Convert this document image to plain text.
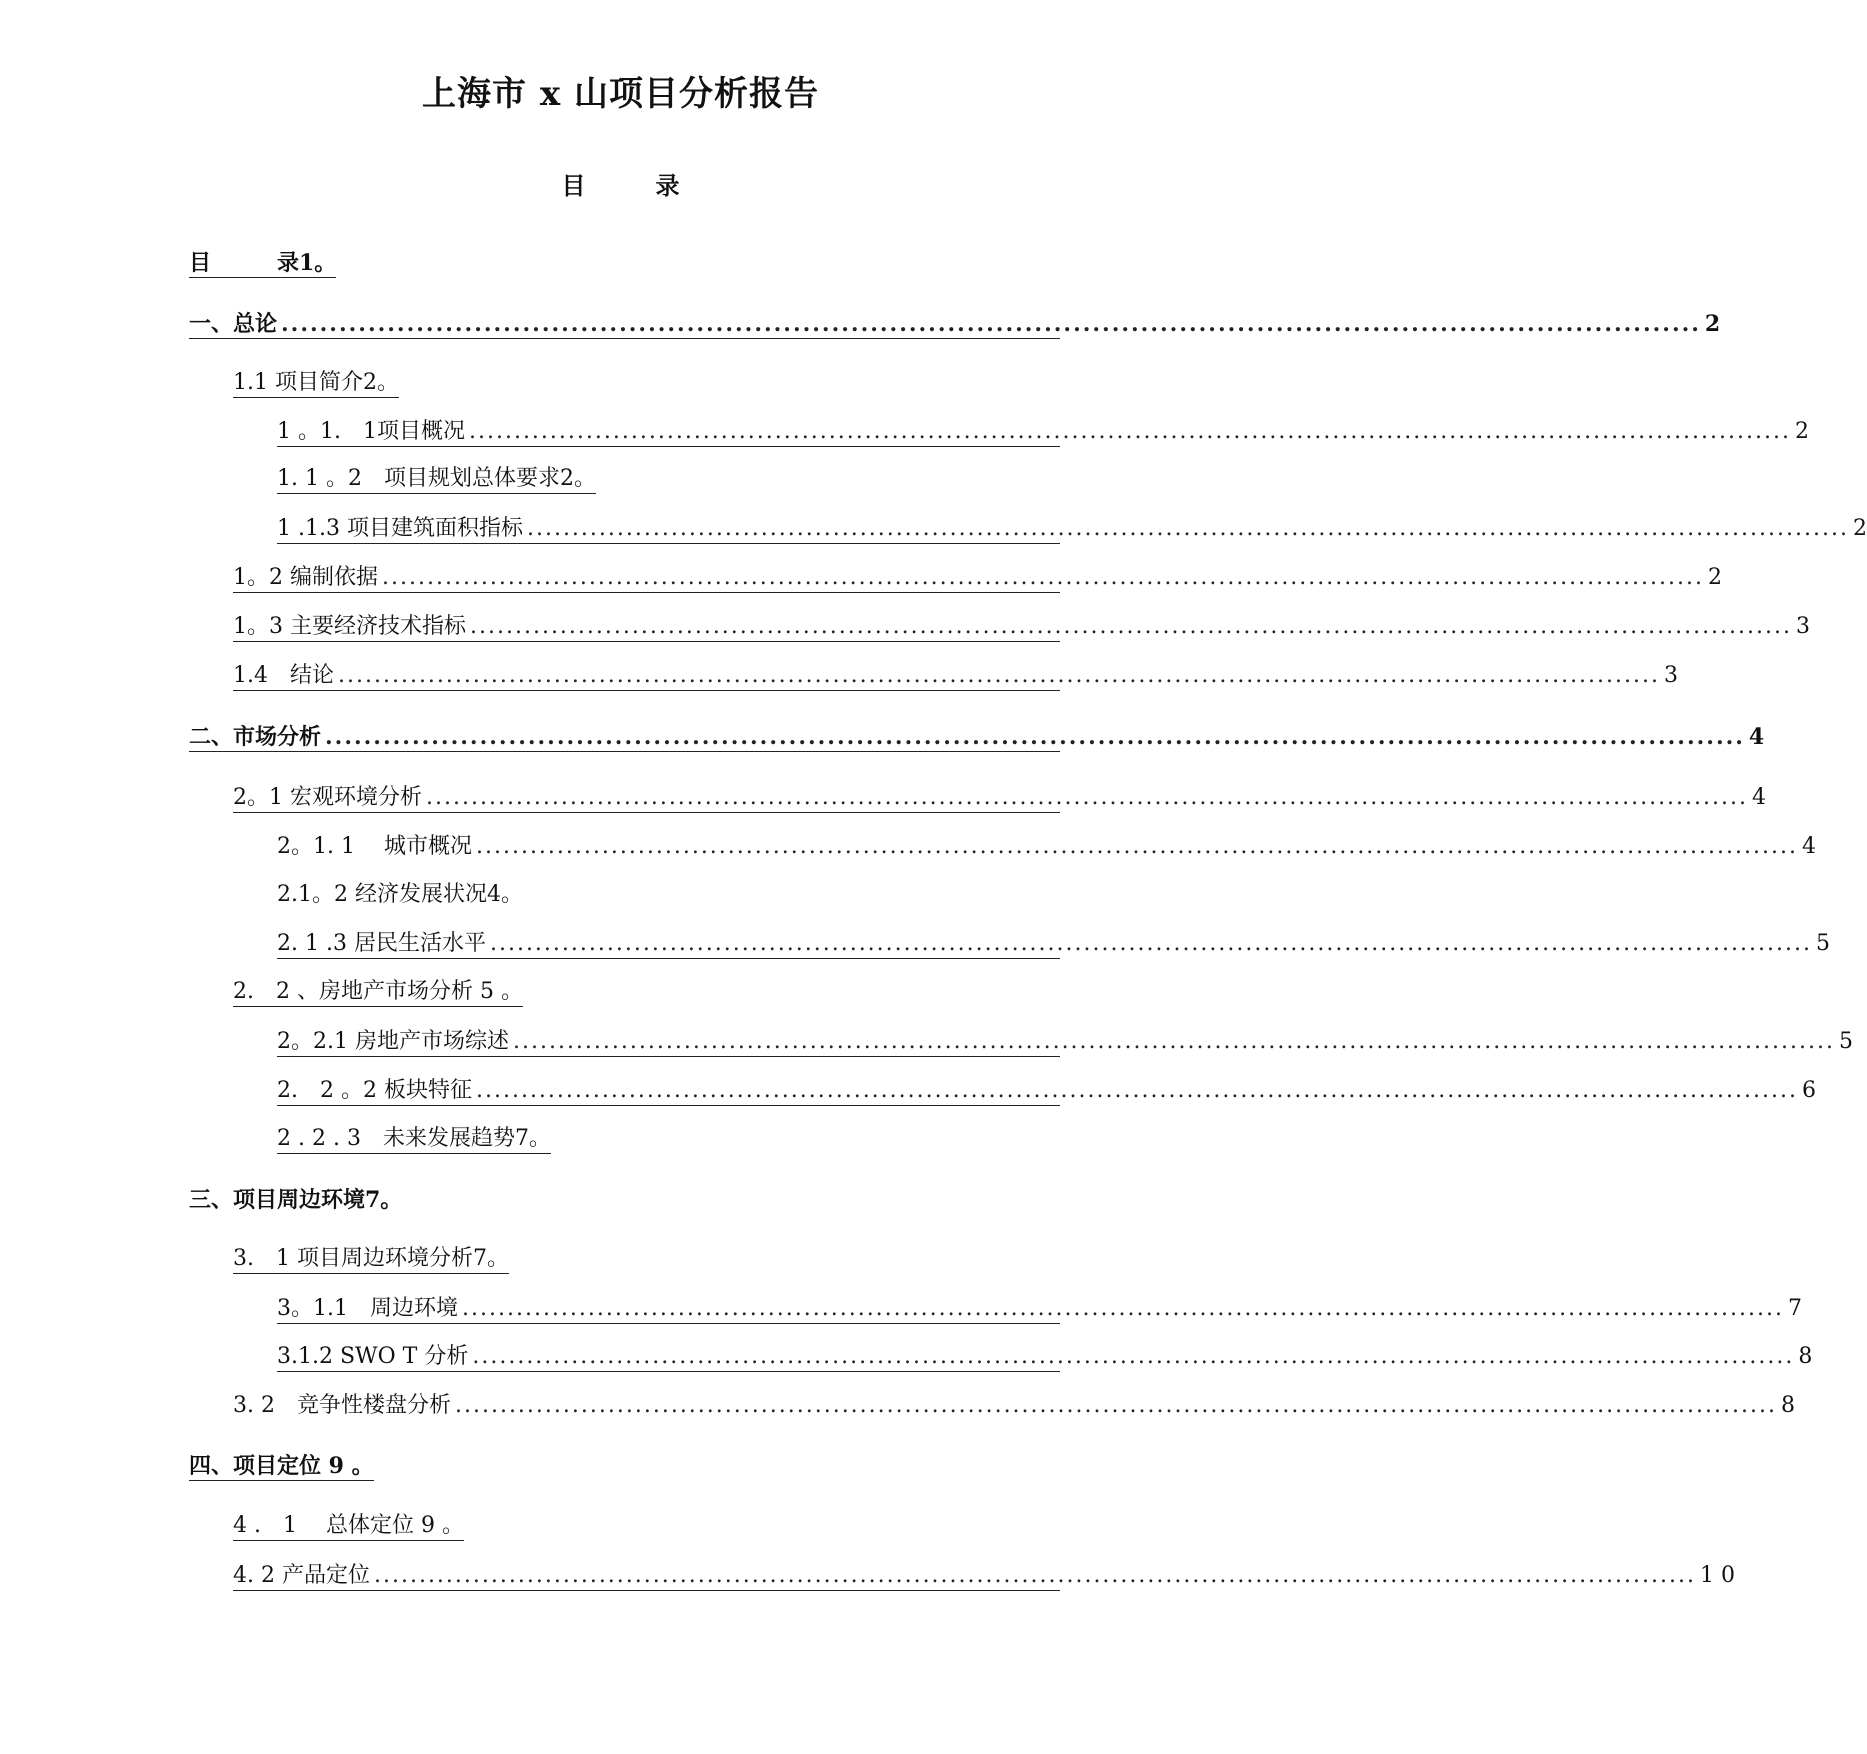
上海市 x 山项目分析报告
目	录
目　　　录1。
一、总论 ................................................................................................................................................... 2
1.1 项目简介2。
1 。1.　1项目概况 ................................................................................................................................................... 2
1. 1 。2　项目规划总体要求2。
1 .1.3 项目建筑面积指标 ................................................................................................................................................... 2
1。2 编制依据 ................................................................................................................................................... 2
1。3 主要经济技术指标 ................................................................................................................................................... 3
1.4　结论 ................................................................................................................................................... 3
二、市场分析 ................................................................................................................................................... 4
2。1 宏观环境分析 ................................................................................................................................................... 4
2。1. 1　 城市概况 ................................................................................................................................................... 4
2.1。2 经济发展状况4。
2. 1 .3 居民生活水平 ................................................................................................................................................... 5
2.　2 、房地产市场分析 5 。
2。2.1 房地产市场综述 ................................................................................................................................................... 5
2.　2 。2 板块特征 ................................................................................................................................................... 6
2 . 2 . 3　未来发展趋势7。
三、项目周边环境7。
3.　1 项目周边环境分析7。
3。1.1　周边环境 ................................................................................................................................................... 7
3.1.2 SWO T 分析 ................................................................................................................................................... 8
3. 2　竞争性楼盘分析 ................................................................................................................................................... 8
四、项目定位 9 。
4 .　1　 总体定位 9 。
4. 2 产品定位 ................................................................................................................................................... 1 0
